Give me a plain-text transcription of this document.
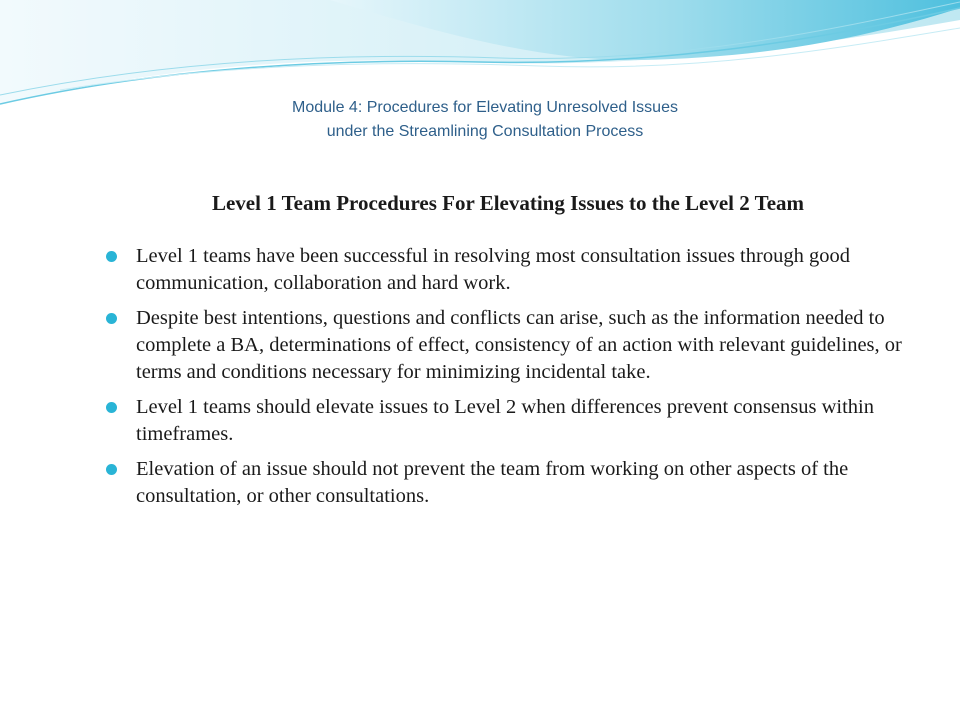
Module 4: Procedures for Elevating Unresolved Issues
under the Streamlining Consultation Process
Level 1 Team Procedures For Elevating Issues to the Level 2 Team
Level 1 teams have been successful in resolving most consultation issues through good communication, collaboration and hard work.
Despite best intentions, questions and conflicts can arise, such as the information needed to complete a BA, determinations of effect, consistency of an action with relevant guidelines, or terms and conditions necessary for minimizing incidental take.
Level 1 teams should elevate issues to Level 2 when differences prevent consensus within timeframes.
Elevation of an issue should not prevent the team from working on other aspects of the consultation, or other consultations.
